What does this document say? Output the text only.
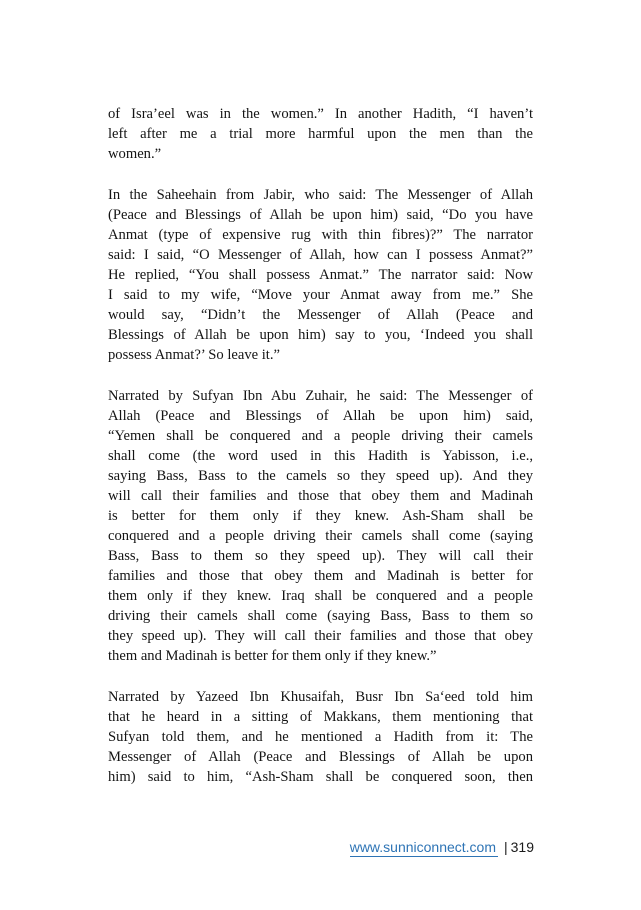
of Isra’eel was in the women.” In another Hadith, “I haven’t
left after me a trial more harmful upon the men than the
women.”
In the Saheehain from Jabir, who said: The Messenger of Allah
(Peace and Blessings of Allah be upon him) said, “Do you have
Anmat (type of expensive rug with thin fibres)?” The narrator
said: I said, “O Messenger of Allah, how can I possess Anmat?”
He replied, “You shall possess Anmat.” The narrator said: Now
I said to my wife, “Move your Anmat away from me.” She
would say, “Didn’t the Messenger of Allah (Peace and
Blessings of Allah be upon him) say to you, ‘Indeed you shall
possess Anmat?’ So leave it.”
Narrated by Sufyan Ibn Abu Zuhair, he said: The Messenger of
Allah (Peace and Blessings of Allah be upon him) said,
“Yemen shall be conquered and a people driving their camels
shall come (the word used in this Hadith is Yabisson, i.e.,
saying Bass, Bass to the camels so they speed up). And they
will call their families and those that obey them and Madinah
is better for them only if they knew. Ash-Sham shall be
conquered and a people driving their camels shall come (saying
Bass, Bass to them so they speed up). They will call their
families and those that obey them and Madinah is better for
them only if they knew. Iraq shall be conquered and a people
driving their camels shall come (saying Bass, Bass to them so
they speed up). They will call their families and those that obey
them and Madinah is better for them only if they knew.”
Narrated by Yazeed Ibn Khusaifah, Busr Ibn Sa‘eed told him
that he heard in a sitting of Makkans, them mentioning that
Sufyan told them, and he mentioned a Hadith from it: The
Messenger of Allah (Peace and Blessings of Allah be upon
him) said to him, “Ash-Sham shall be conquered soon, then
www.sunniconnect.com | 319
